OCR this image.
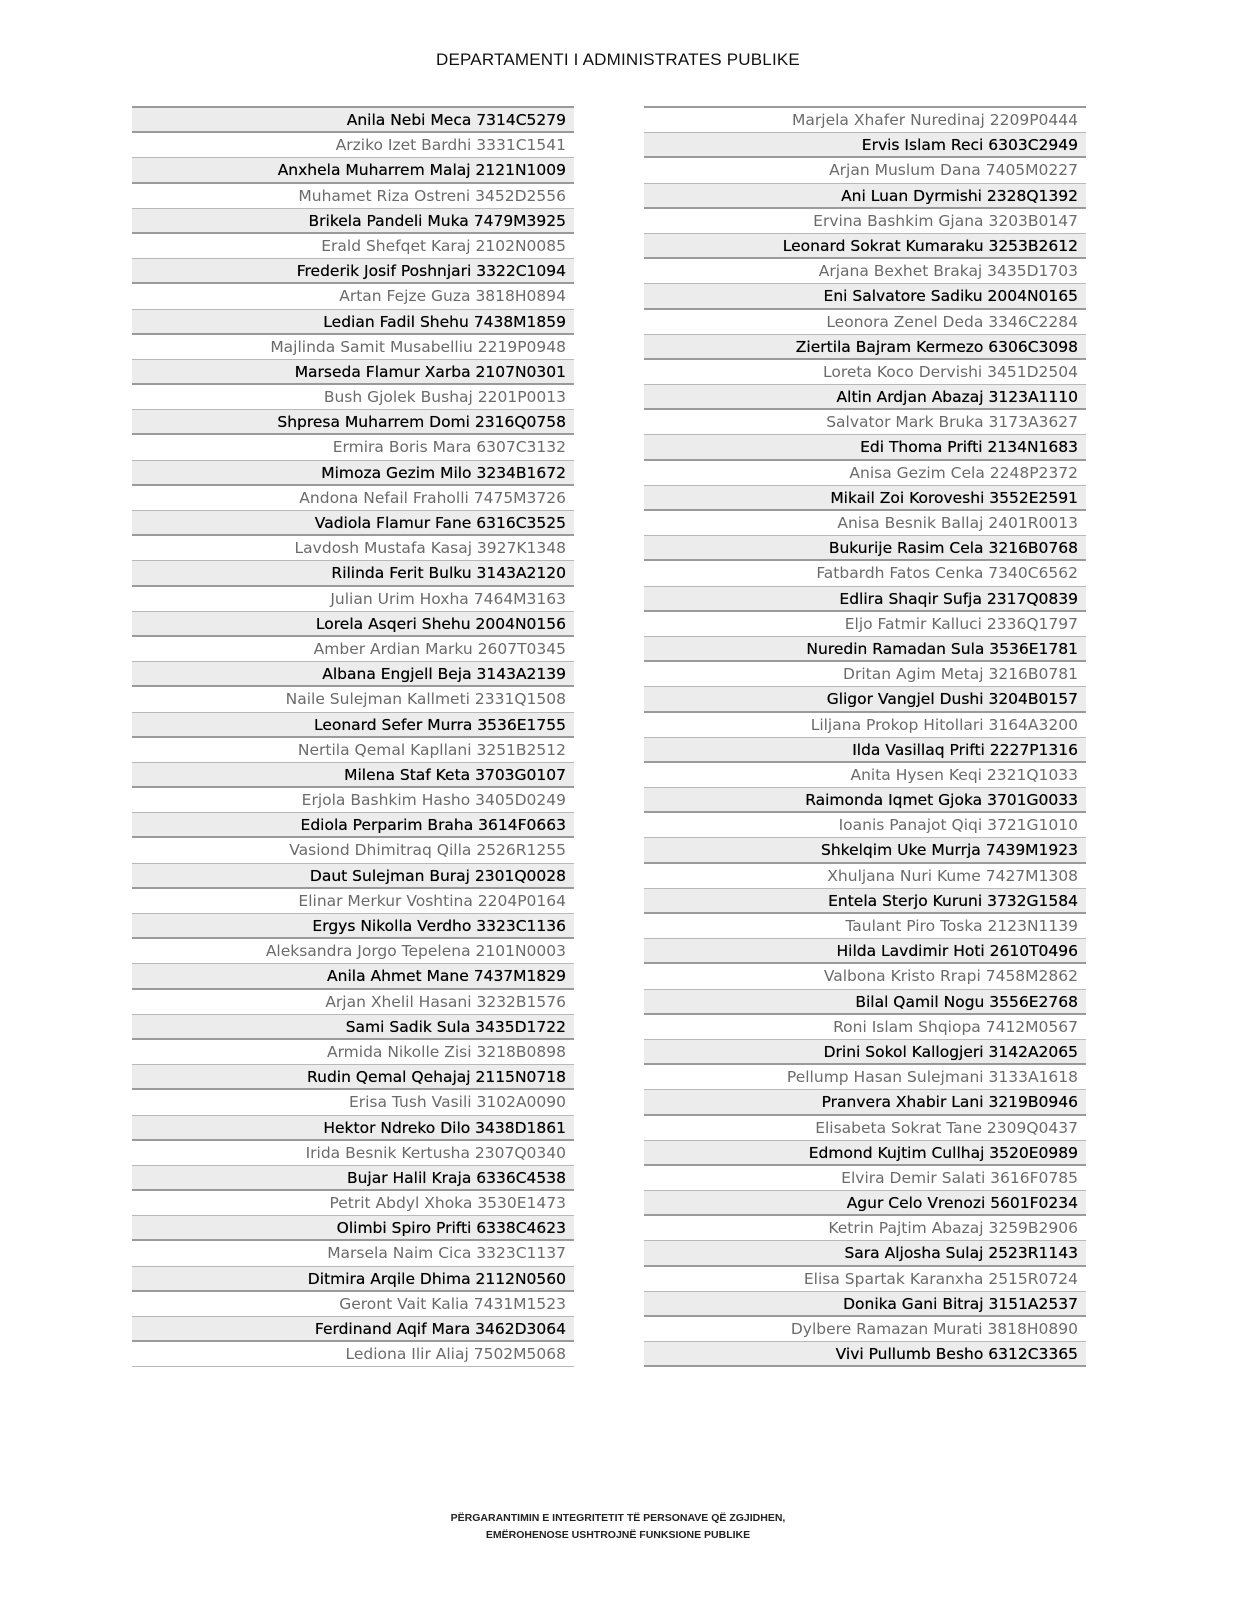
DEPARTAMENTI I ADMINISTRATES PUBLIKE
Anila Nebi Meca 7314C5279
Arziko Izet Bardhi 3331C1541
Anxhela Muharrem Malaj 2121N1009
Muhamet Riza Ostreni 3452D2556
Brikela Pandeli Muka 7479M3925
Erald Shefqet Karaj 2102N0085
Frederik Josif Poshnjari 3322C1094
Artan Fejze Guza 3818H0894
Ledian Fadil Shehu 7438M1859
Majlinda Samit Musabelliu 2219P0948
Marseda Flamur Xarba 2107N0301
Bush Gjolek Bushaj 2201P0013
Shpresa Muharrem Domi 2316Q0758
Ermira Boris Mara 6307C3132
Mimoza Gezim Milo 3234B1672
Andona Nefail Fraholli 7475M3726
Vadiola Flamur Fane 6316C3525
Lavdosh Mustafa Kasaj 3927K1348
Rilinda Ferit Bulku 3143A2120
Julian Urim Hoxha 7464M3163
Lorela Asqeri Shehu 2004N0156
Amber Ardian Marku 2607T0345
Albana Engjell Beja 3143A2139
Naile Sulejman Kallmeti 2331Q1508
Leonard Sefer Murra 3536E1755
Nertila Qemal Kapllani 3251B2512
Milena Staf Keta 3703G0107
Erjola Bashkim Hasho 3405D0249
Ediola Perparim Braha 3614F0663
Vasiond Dhimitraq Qilla 2526R1255
Daut Sulejman Buraj 2301Q0028
Elinar Merkur Voshtina 2204P0164
Ergys Nikolla Verdho 3323C1136
Aleksandra Jorgo Tepelena 2101N0003
Anila Ahmet Mane 7437M1829
Arjan Xhelil Hasani 3232B1576
Sami Sadik Sula 3435D1722
Armida Nikolle Zisi 3218B0898
Rudin Qemal Qehajaj 2115N0718
Erisa Tush Vasili 3102A0090
Hektor Ndreko Dilo 3438D1861
Irida Besnik Kertusha 2307Q0340
Bujar Halil Kraja 6336C4538
Petrit Abdyl Xhoka 3530E1473
Olimbi Spiro Prifti 6338C4623
Marsela Naim Cica 3323C1137
Ditmira Arqile Dhima 2112N0560
Geront Vait Kalia 7431M1523
Ferdinand Aqif Mara 3462D3064
Lediona Ilir Aliaj 7502M5068
Marjela Xhafer Nuredinaj 2209P0444
Ervis Islam Reci 6303C2949
Arjan Muslum Dana 7405M0227
Ani Luan Dyrmishi 2328Q1392
Ervina Bashkim Gjana 3203B0147
Leonard Sokrat Kumaraku 3253B2612
Arjana Bexhet Brakaj 3435D1703
Eni Salvatore Sadiku 2004N0165
Leonora Zenel Deda 3346C2284
Ziertila Bajram Kermezo 6306C3098
Loreta Koco Dervishi 3451D2504
Altin Ardjan Abazaj 3123A1110
Salvator Mark Bruka 3173A3627
Edi Thoma Prifti 2134N1683
Anisa Gezim Cela 2248P2372
Mikail Zoi Koroveshi 3552E2591
Anisa Besnik Ballaj 2401R0013
Bukurije Rasim Cela 3216B0768
Fatbardh Fatos Cenka 7340C6562
Edlira Shaqir Sufja 2317Q0839
Eljo Fatmir Kalluci 2336Q1797
Nuredin Ramadan Sula 3536E1781
Dritan Agim Metaj 3216B0781
Gligor Vangjel Dushi 3204B0157
Liljana Prokop Hitollari 3164A3200
Ilda Vasillaq Prifti 2227P1316
Anita Hysen Keqi 2321Q1033
Raimonda Iqmet Gjoka 3701G0033
Ioanis Panajot Qiqi 3721G1010
Shkelqim Uke Murrja 7439M1923
Xhuljana Nuri Kume 7427M1308
Entela Sterjo Kuruni 3732G1584
Taulant Piro Toska 2123N1139
Hilda Lavdimir Hoti 2610T0496
Valbona Kristo Rrapi 7458M2862
Bilal Qamil Nogu 3556E2768
Roni Islam Shqiopa 7412M0567
Drini Sokol Kallogjeri 3142A2065
Pellump Hasan Sulejmani 3133A1618
Pranvera Xhabir Lani 3219B0946
Elisabeta Sokrat Tane 2309Q0437
Edmond Kujtim Cullhaj 3520E0989
Elvira Demir Salati 3616F0785
Agur Celo Vrenozi 5601F0234
Ketrin Pajtim Abazaj 3259B2906
Sara Aljosha Sulaj 2523R1143
Elisa Spartak Karanxha 2515R0724
Donika Gani Bitraj 3151A2537
Dylbere Ramazan Murati 3818H0890
Vivi Pullumb Besho 6312C3365
PËRGARANTIMIN E INTEGRITETIT TË PERSONAVE QË ZGJIDHEN,
EMËROHENOSE USHTROJNË FUNKSIONE PUBLIKE
